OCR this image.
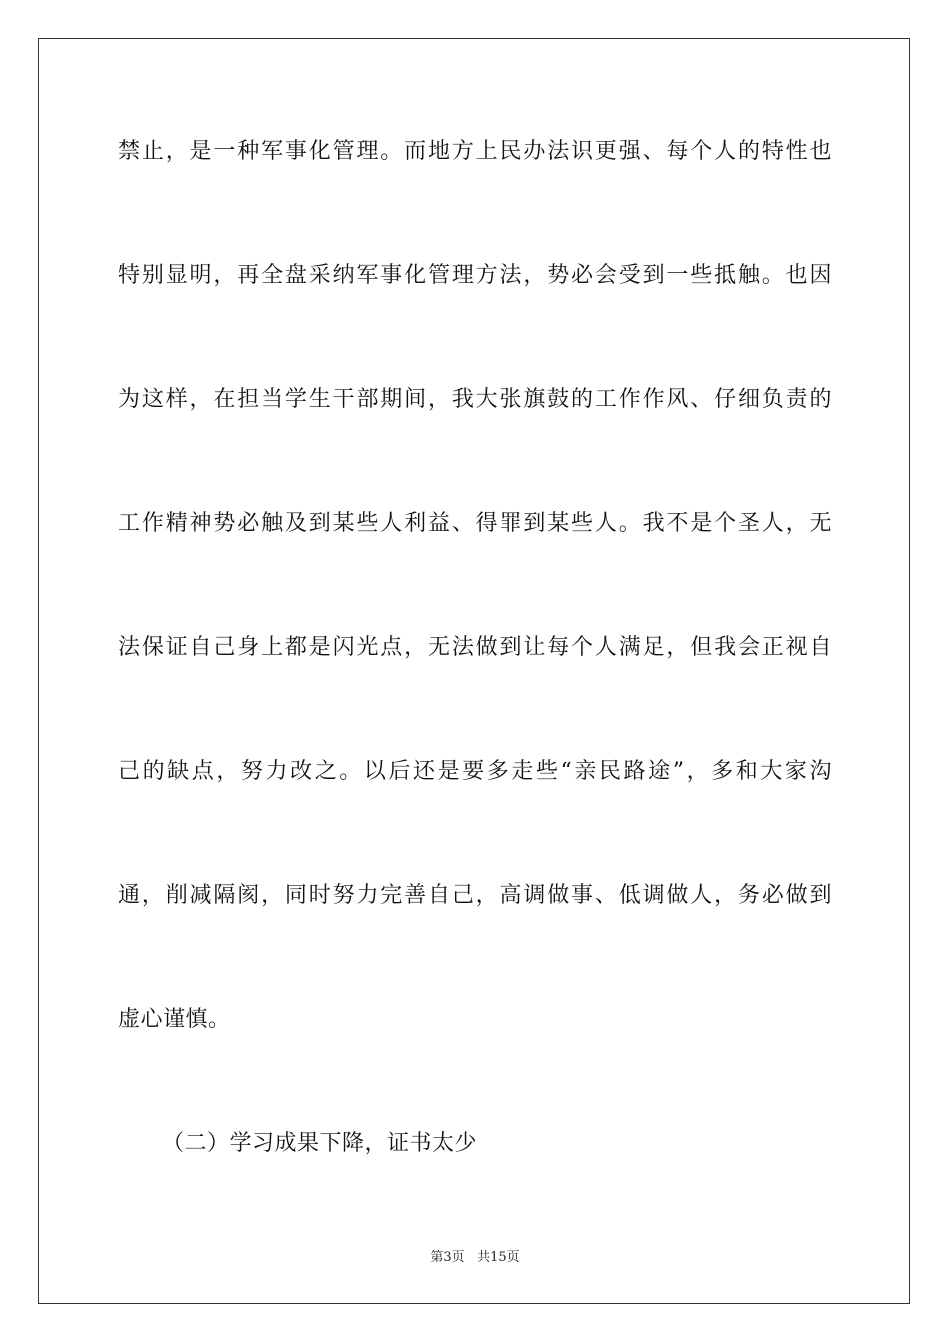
禁止，是一种军事化管理。而地方上民办法识更强、每个人的特性也
特别显明，再全盘采纳军事化管理方法，势必会受到一些抵触。也因
为这样，在担当学生干部期间，我大张旗鼓的工作作风、仔细负责的
工作精神势必触及到某些人利益、得罪到某些人。我不是个圣人，无
法保证自己身上都是闪光点，无法做到让每个人满足，但我会正视自
己的缺点，努力改之。以后还是要多走些“亲民路途”，多和大家沟
通，削减隔阂，同时努力完善自己，高调做事、低调做人，务必做到
虚心谨慎。
（二）学习成果下降，证书太少
第3页 共15页
